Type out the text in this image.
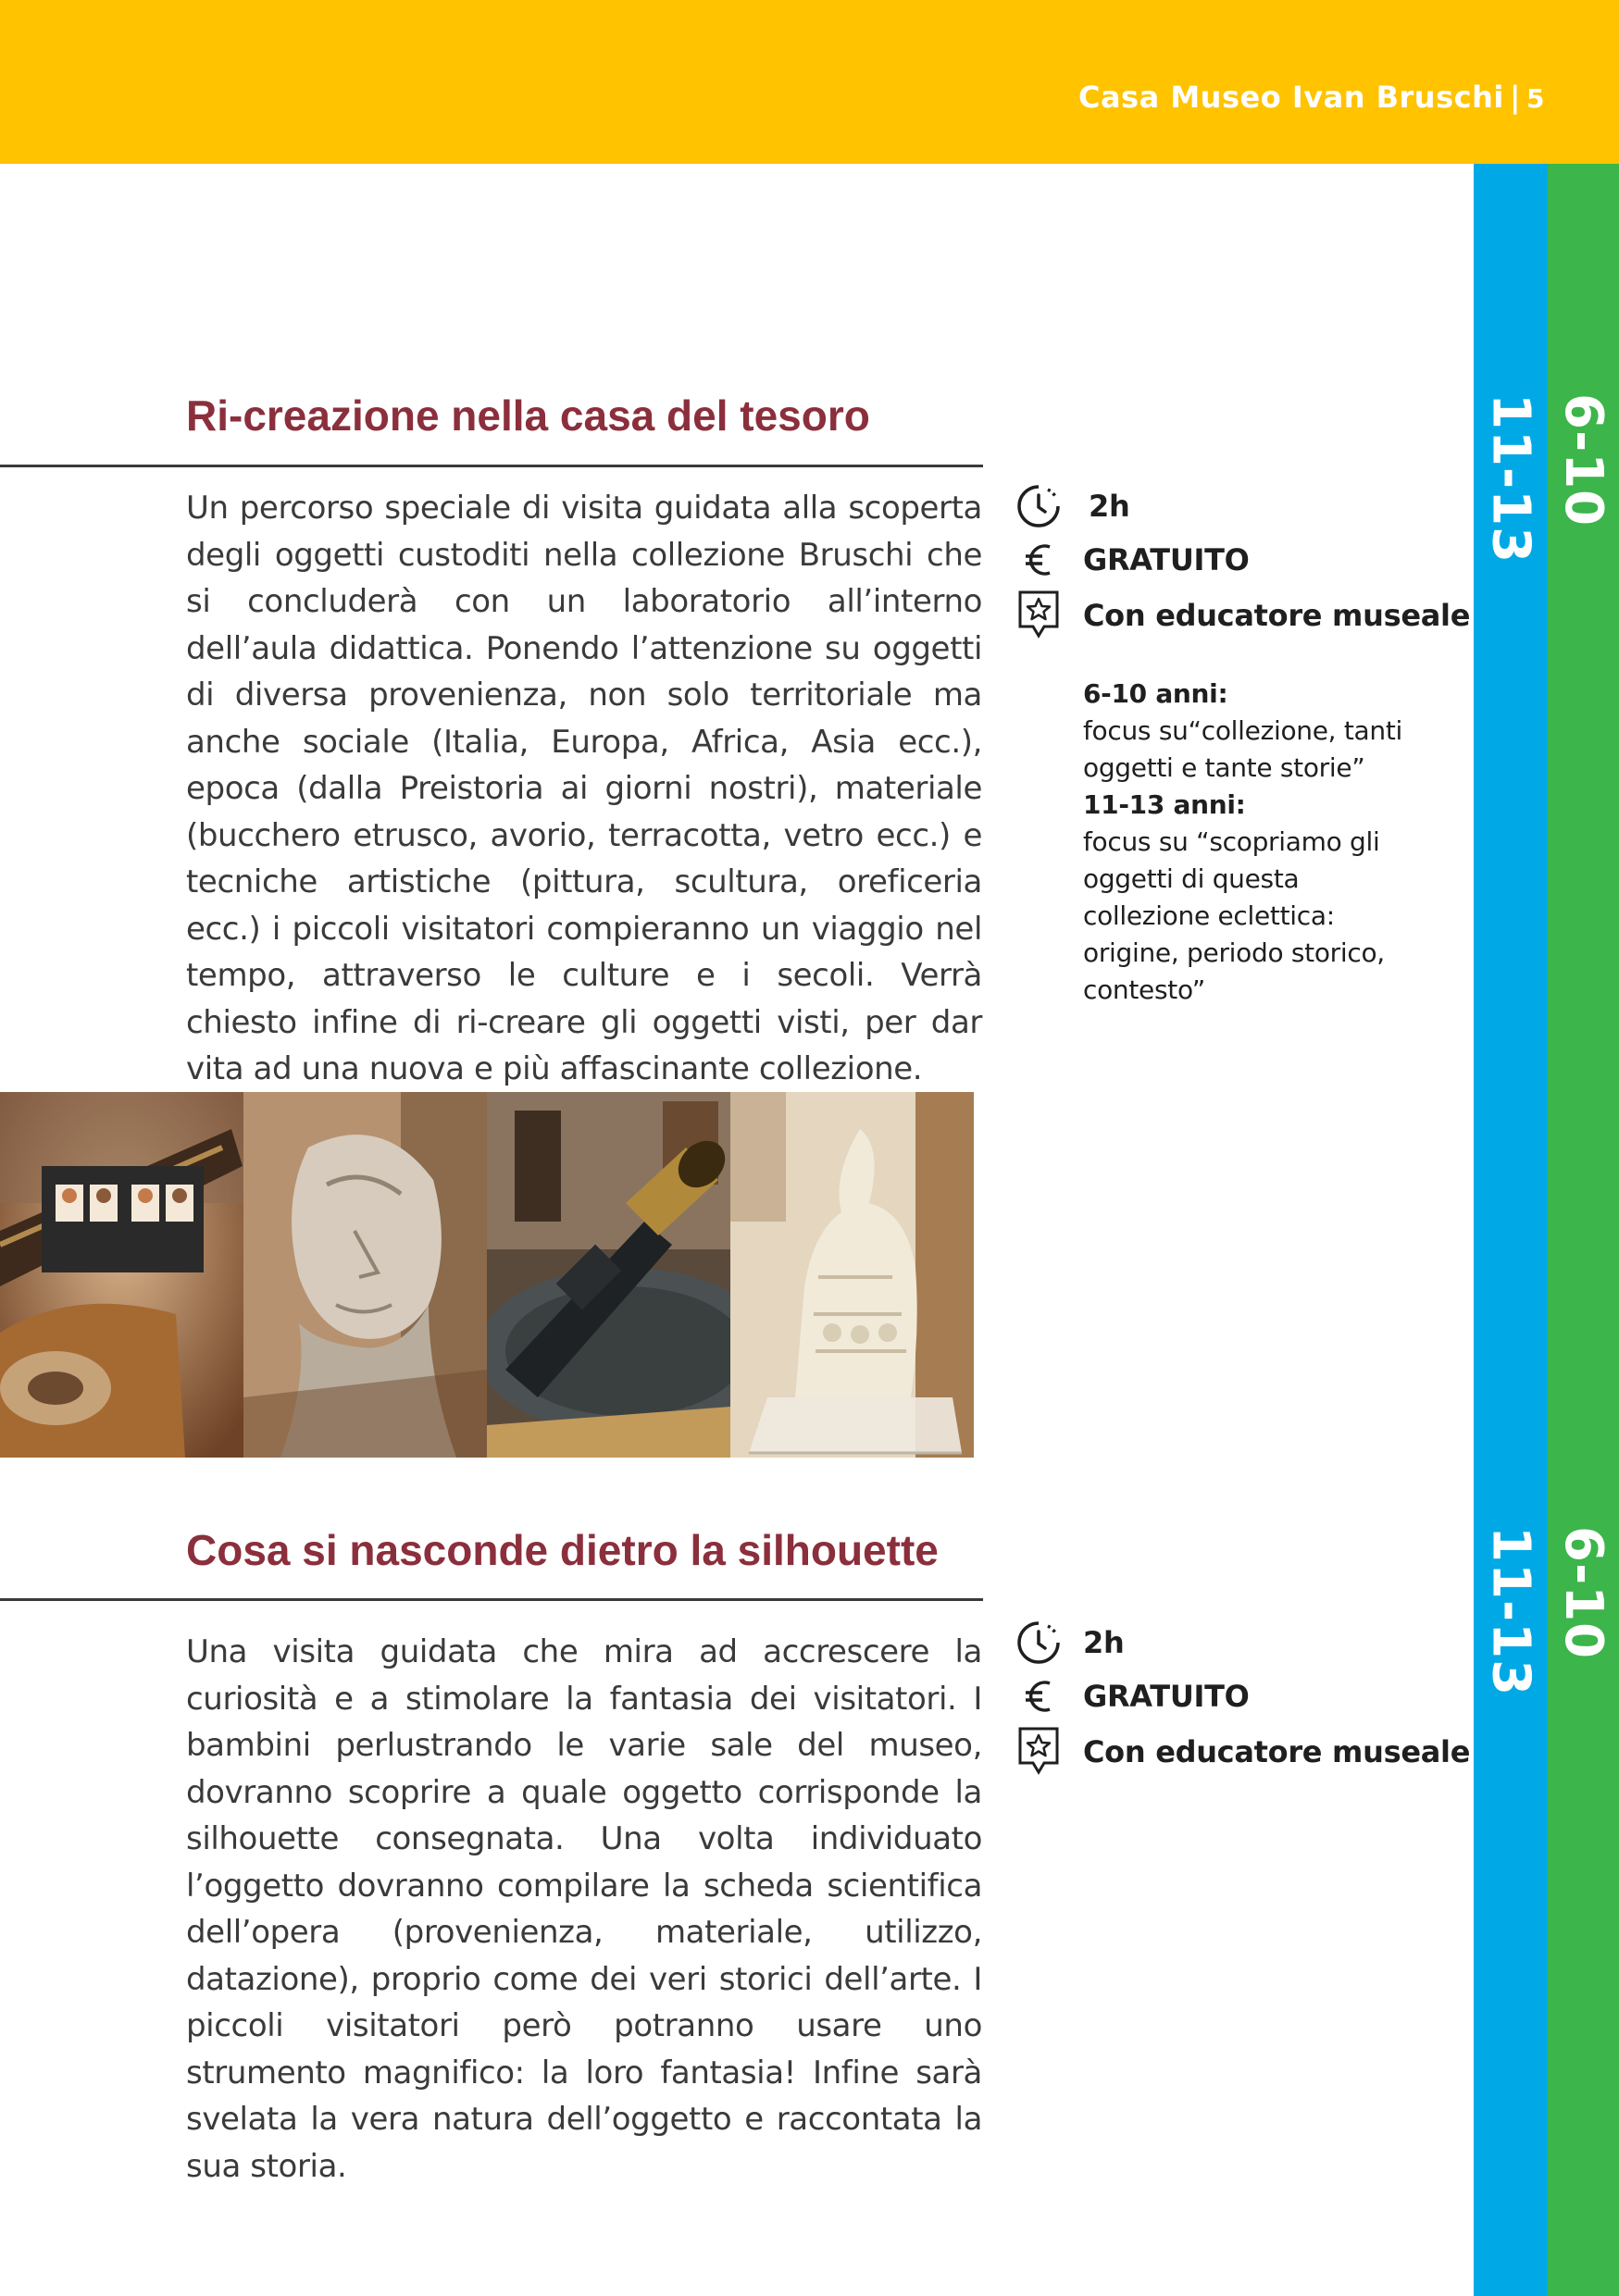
Casa Museo Ivan Bruschi | 5
11-13
11-13
6-10
6-10
Ri-creazione nella casa del tesoro
Un percorso speciale di visita guidata alla scoperta degli oggetti custoditi nella collezione Bruschi che si concluderà con un laboratorio all’interno dell’aula didattica. Ponendo l’attenzione su oggetti di diversa provenienza, non solo territoriale ma anche sociale (Italia, Europa, Africa, Asia ecc.), epoca (dalla Preistoria ai giorni nostri), materiale (bucchero etrusco, avorio, terracotta, vetro ecc.) e tecniche artistiche (pittura, scultura, oreficeria ecc.) i piccoli visitatori compieranno un viaggio nel tempo, attraverso le culture e i secoli. Verrà chiesto infine di ri-creare gli oggetti visti, per dar vita ad una nuova e più affascinante collezione.
2h
GRATUITO
Con educatore museale
6-10 anni:
focus su“collezione, tanti oggetti e tante storie”
11-13 anni:
focus su “scopriamo gli oggetti di questa collezione eclettica: origine, periodo storico, contesto”
Cosa si nasconde dietro la silhouette
Una visita guidata che mira ad accrescere la curiosità e a stimolare la fantasia dei visitatori. I bambini perlustrando le varie sale del museo, dovranno scoprire a quale oggetto corrisponde la silhouette consegnata. Una volta individuato l’oggetto dovranno compilare la scheda scientifica dell’opera (provenienza, materiale, utilizzo, datazione), proprio come dei veri storici dell’arte. I piccoli visitatori però potranno usare uno strumento magnifico: la loro fantasia! Infine sarà svelata la vera natura dell’oggetto e raccontata la sua storia.
2h
GRATUITO
Con educatore museale
